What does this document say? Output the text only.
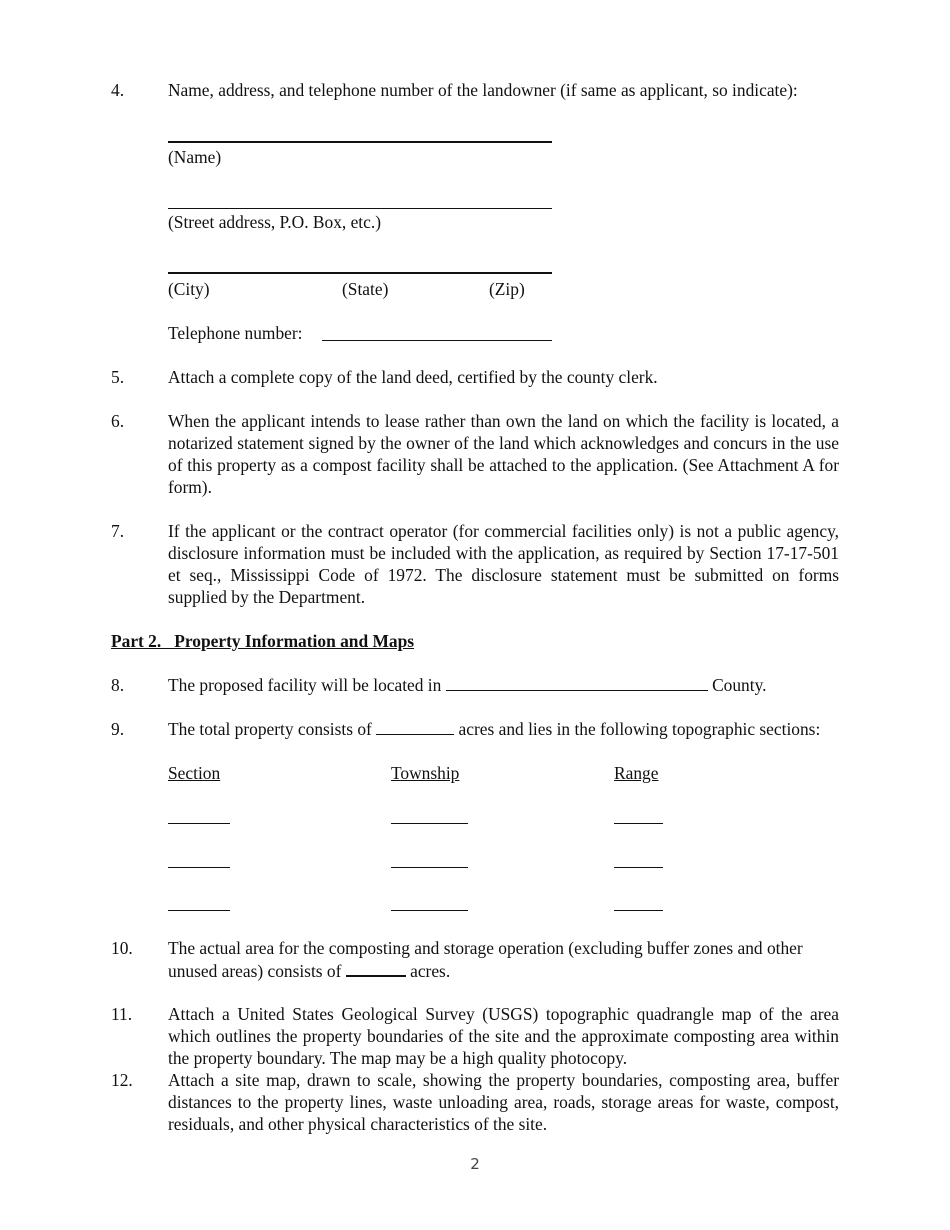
4.	Name, address, and telephone number of the landowner (if same as applicant, so indicate):
(Name)
(Street address, P.O. Box, etc.)
(City)	(State)	(Zip)
Telephone number:
5.	Attach a complete copy of the land deed, certified by the county clerk.
6.	When the applicant intends to lease rather than own the land on which the facility is located, a notarized statement signed by the owner of the land which acknowledges and concurs in the use of this property as a compost facility shall be attached to the application. (See Attachment A for form).
7.	If the applicant or the contract operator (for commercial facilities only) is not a public agency, disclosure information must be included with the application, as required by Section 17-17-501 et seq., Mississippi Code of 1972. The disclosure statement must be submitted on forms supplied by the Department.
Part 2.   Property Information and Maps
8.	The proposed facility will be located in	County.
9.	The total property consists of	acres and lies in the following topographic sections:
Section	Township	Range
10. The actual area for the composting and storage operation (excluding buffer zones and other
unused areas) consists of	acres.
11. Attach a United States Geological Survey (USGS) topographic quadrangle map of the area which outlines the property boundaries of the site and the approximate composting area within the property boundary. The map may be a high quality photocopy.
12. Attach a site map, drawn to scale, showing the property boundaries, composting area, buffer distances to the property lines, waste unloading area, roads, storage areas for waste, compost, residuals, and other physical characteristics of the site.
2
